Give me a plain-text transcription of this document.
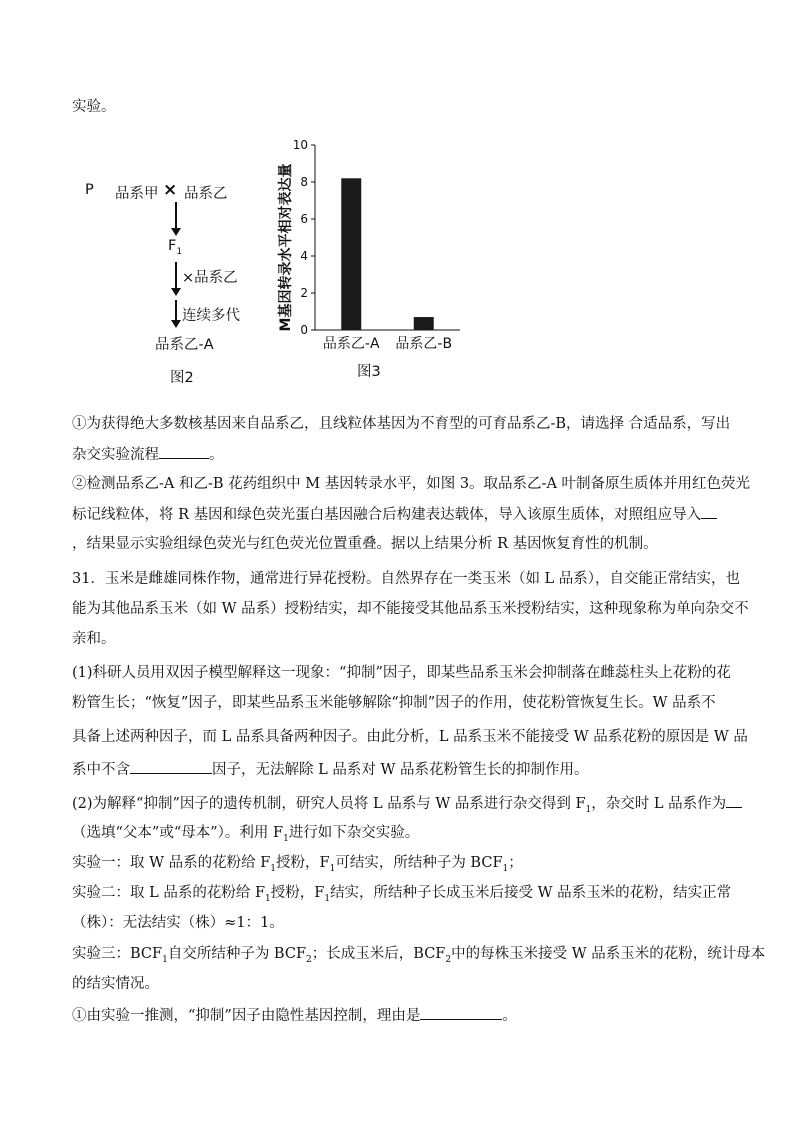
实验。
P 品系甲 × 品系乙
$F_1$
×品系乙
连续多代
品系乙-A
图2
0
2
4
6
8
10
品系乙-A 品系乙-B
M基因转录水平相对表达量
图3
①为获得绝大多数核基因来自品系乙，且线粒体基因为不育型的可育品系乙-B，请选择 合适品系，写出
杂交实验流程	。
②检测品系乙-A 和乙-B 花药组织中 M 基因转录水平，如图 3。取品系乙-A 叶制备原生质体并用红色荧光
标记线粒体，将 R 基因和绿色荧光蛋白基因融合后构建表达载体，导入该原生质体，对照组应导入
，结果显示实验组绿色荧光与红色荧光位置重叠。据以上结果分析 R 基因恢复育性的机制。
31．玉米是雌雄同株作物，通常进行异花授粉。自然界存在一类玉米（如 L 品系），自交能正常结实，也
能为其他品系玉米（如 W 品系）授粉结实，却不能接受其他品系玉米授粉结实，这种现象称为单向杂交不
亲和。
(1)科研人员用双因子模型解释这一现象：“抑制”因子，即某些品系玉米会抑制落在雌蕊柱头上花粉的花
粉管生长；“恢复”因子，即某些品系玉米能够解除“抑制”因子的作用，使花粉管恢复生长。W 品系不
具备上述两种因子，而 L 品系具备两种因子。由此分析，L 品系玉米不能接受 W 品系花粉的原因是 W 品
系中不含	因子，无法解除 L 品系对 W 品系花粉管生长的抑制作用。
(2)为解释“抑制”因子的遗传机制，研究人员将 L 品系与 W 品系进行杂交得到 $F_1$，杂交时 L 品系作为
（选填“父本”或“母本”）。利用 $F_1$进行如下杂交实验。
实验一：取 W 品系的花粉给 $F_1$授粉，$F_1$可结实，所结种子为 $BCF_1$；
实验二：取 L 品系的花粉给 $F_1$授粉，$F_1$结实，所结种子长成玉米后接受 W 品系玉米的花粉，结实正常
（株）：无法结实（株）≈1：1。
实验三：$BCF_1$自交所结种子为 $BCF_2$；长成玉米后，$BCF_2$中的每株玉米接受 W 品系玉米的花粉，统计母本
的结实情况。
①由实验一推测，“抑制”因子由隐性基因控制，理由是	。
